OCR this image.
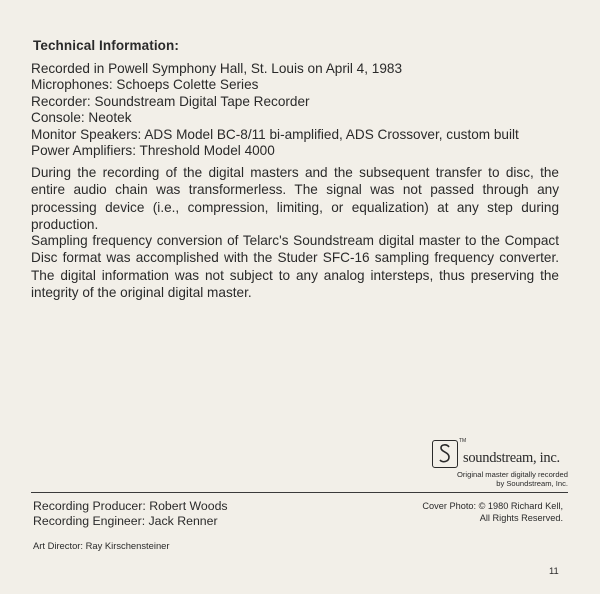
Technical Information:
Recorded in Powell Symphony Hall, St. Louis on April 4, 1983
Microphones: Schoeps Colette Series
Recorder: Soundstream Digital Tape Recorder
Console: Neotek
Monitor Speakers: ADS Model BC-8/11 bi-amplified, ADS Crossover, custom built
Power Amplifiers: Threshold Model 4000
During the recording of the digital masters and the subsequent transfer to disc, the entire audio chain was transformerless. The signal was not passed through any processing device (i.e., compression, limiting, or equalization) at any step during production.
Sampling frequency conversion of Telarc's Soundstream digital master to the Compact Disc format was accomplished with the Studer SFC-16 sampling frequency converter. The digital information was not subject to any analog intersteps, thus preserving the integrity of the original digital master.
TM
soundstream, inc.
Original master digitally recorded
by Soundstream, Inc.
Recording Producer: Robert Woods
Recording Engineer: Jack Renner
Cover Photo: © 1980 Richard Kell,
All Rights Reserved.
Art Director: Ray Kirschensteiner
11
